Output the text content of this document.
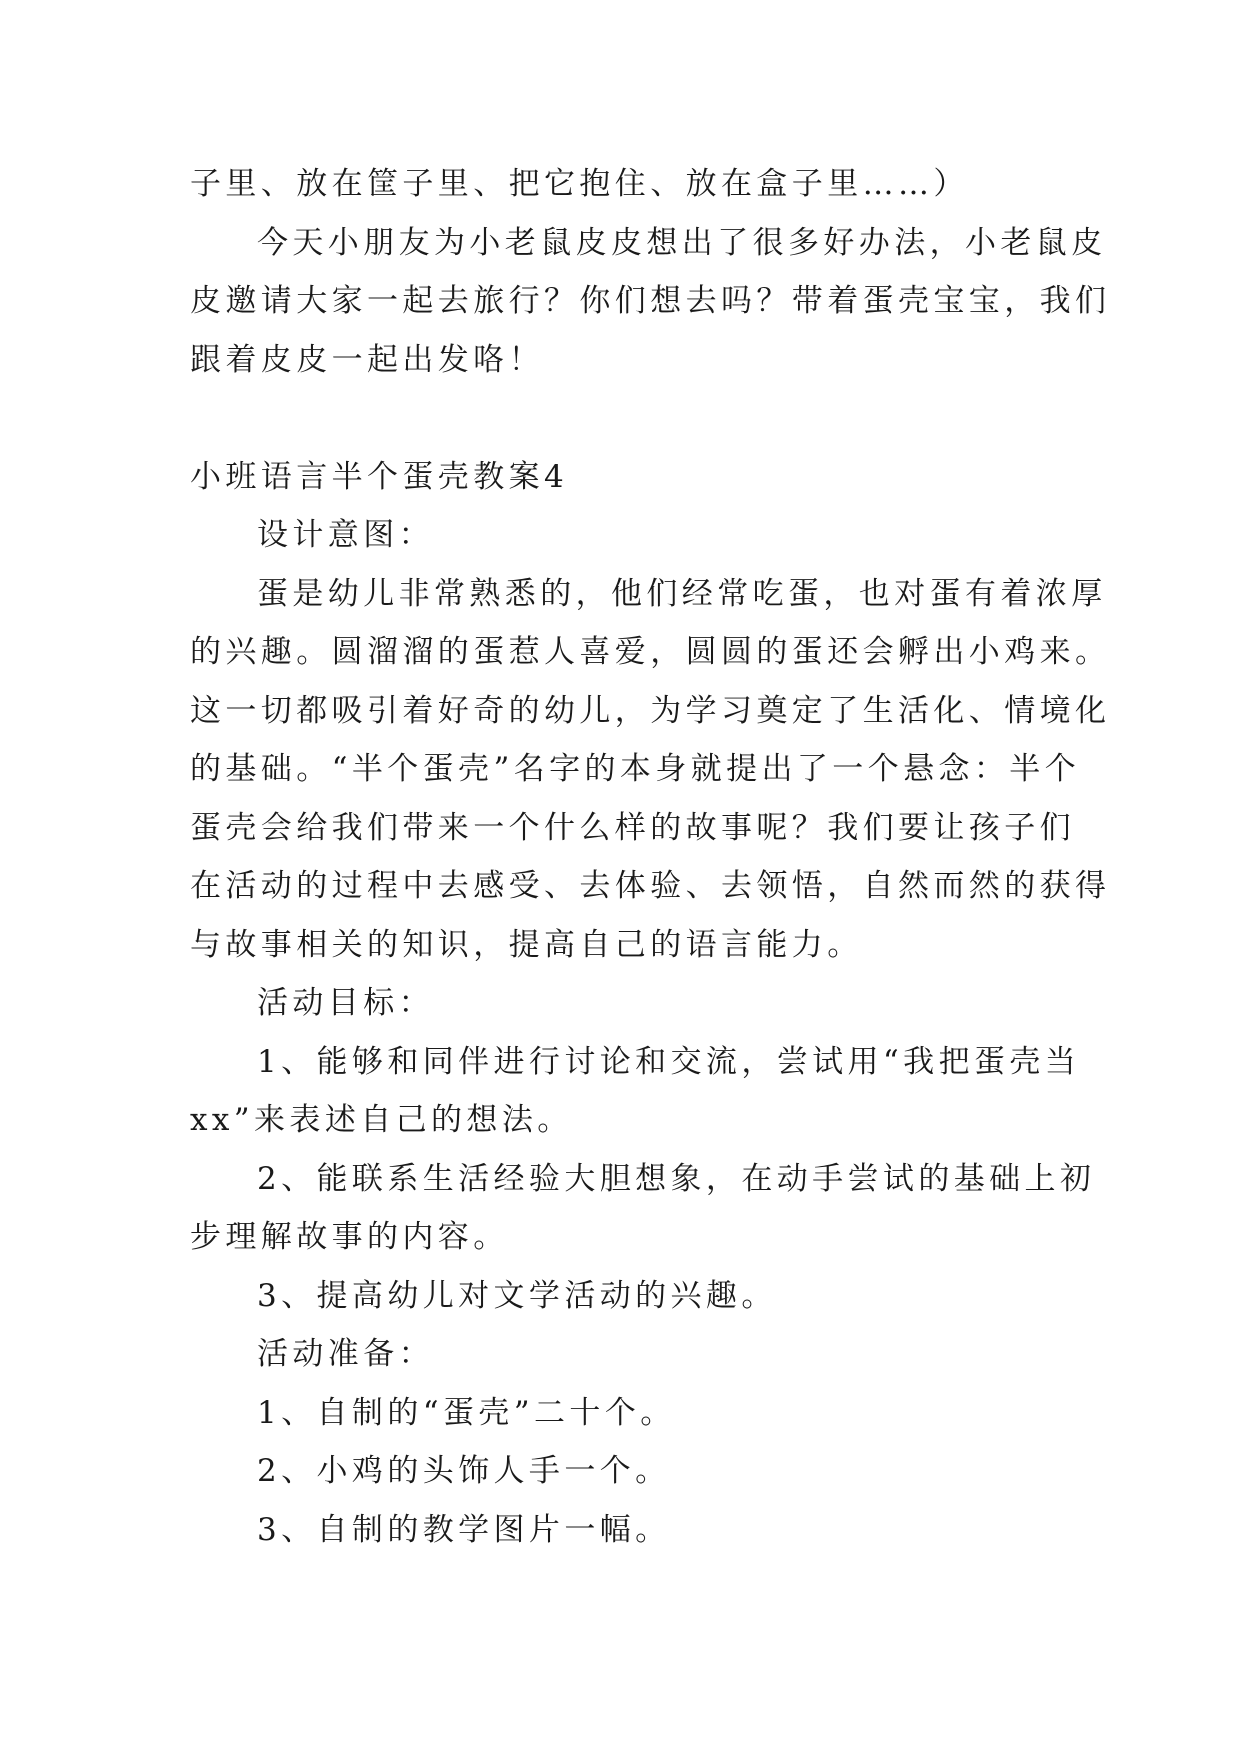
子里、放在筐子里、把它抱住、放在盒子里……）
今天小朋友为小老鼠皮皮想出了很多好办法，小老鼠皮
皮邀请大家一起去旅行？你们想去吗？带着蛋壳宝宝，我们
跟着皮皮一起出发咯！
小班语言半个蛋壳教案4
设计意图：
蛋是幼儿非常熟悉的，他们经常吃蛋，也对蛋有着浓厚
的兴趣。圆溜溜的蛋惹人喜爱，圆圆的蛋还会孵出小鸡来。
这一切都吸引着好奇的幼儿，为学习奠定了生活化、情境化
的基础。“半个蛋壳”名字的本身就提出了一个悬念：半个
蛋壳会给我们带来一个什么样的故事呢？我们要让孩子们
在活动的过程中去感受、去体验、去领悟，自然而然的获得
与故事相关的知识，提高自己的语言能力。
活动目标：
1、能够和同伴进行讨论和交流，尝试用“我把蛋壳当
xx”来表述自己的想法。
2、能联系生活经验大胆想象，在动手尝试的基础上初
步理解故事的内容。
3、提高幼儿对文学活动的兴趣。
活动准备：
1、自制的“蛋壳”二十个。
2、小鸡的头饰人手一个。
3、自制的教学图片一幅。
